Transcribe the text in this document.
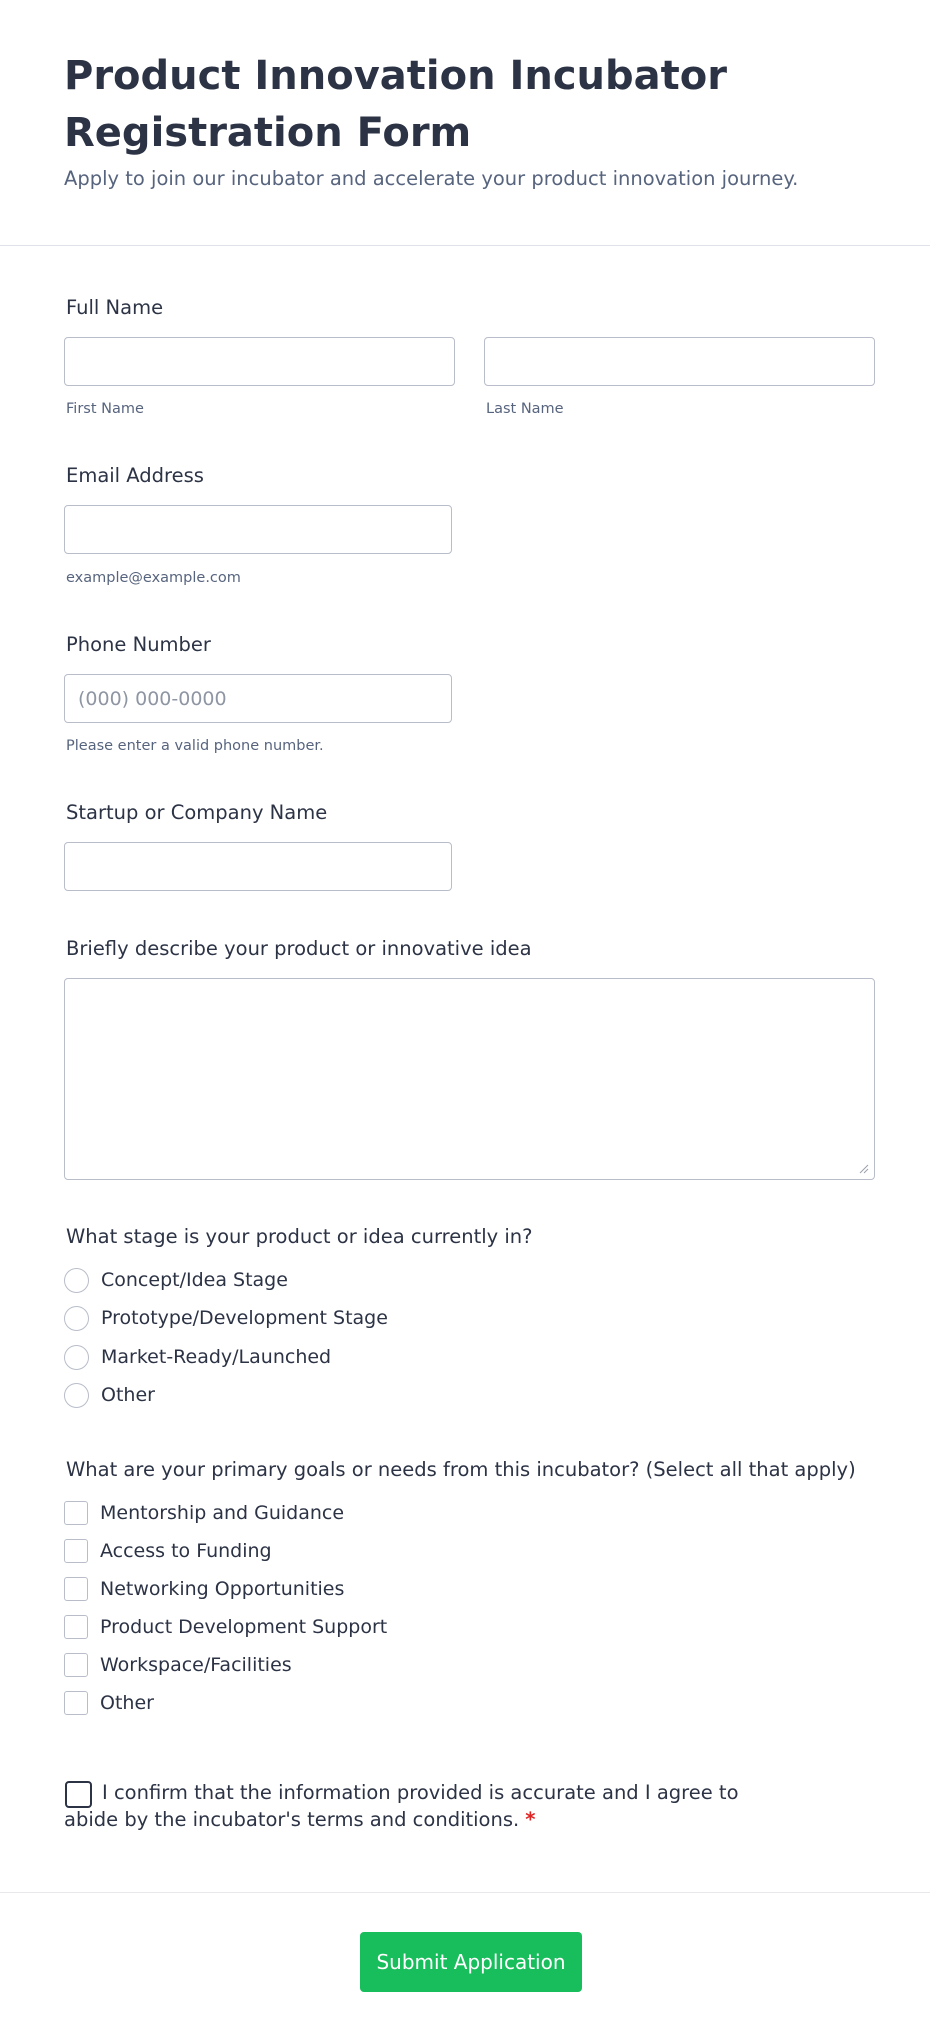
Product Innovation Incubator Registration Form

Apply to join our incubator and accelerate your product innovation journey.

Full Name
First Name	Last Name
Email Address
example@example.com
Phone Number
(000) 000-0000
Please enter a valid phone number.
Startup or Company Name
Briefly describe your product or innovative idea
What stage is your product or idea currently in?
Concept/Idea Stage
Prototype/Development Stage
Market-Ready/Launched
Other
What are your primary goals or needs from this incubator? (Select all that apply)
Mentorship and Guidance
Access to Funding
Networking Opportunities
Product Development Support
Workspace/Facilities
Other

I confirm that the information provided is accurate and I agree to abide by the incubator's terms and conditions. *

Submit Application
